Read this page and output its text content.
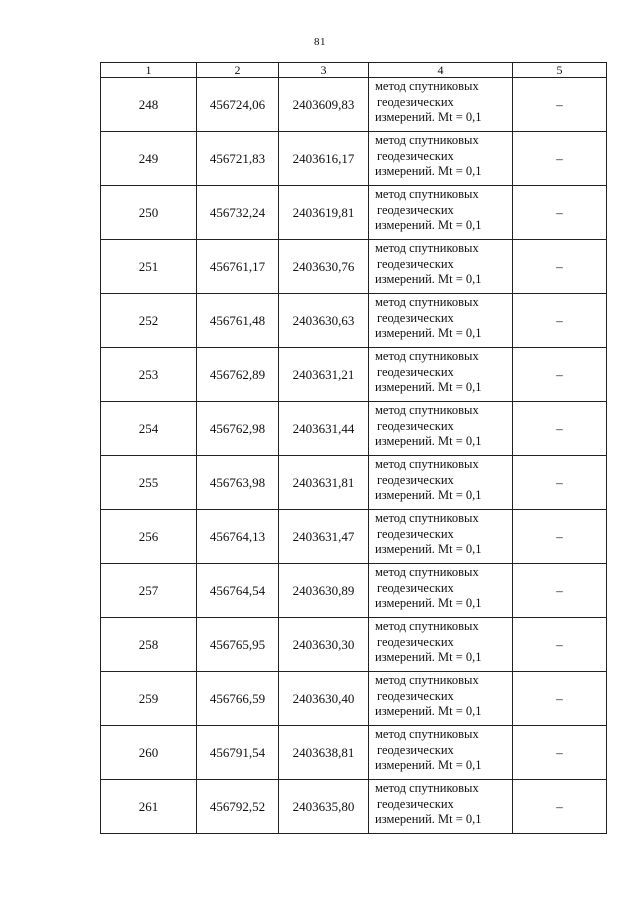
81
1	2	3	4	5
248	456724,06	2403609,83	метод спутниковых
геодезических
измерений. Mt = 0,1	–
249	456721,83	2403616,17	метод спутниковых
геодезических
измерений. Mt = 0,1	–
250	456732,24	2403619,81	метод спутниковых
геодезических
измерений. Mt = 0,1	–
251	456761,17	2403630,76	метод спутниковых
геодезических
измерений. Mt = 0,1	–
252	456761,48	2403630,63	метод спутниковых
геодезических
измерений. Mt = 0,1	–
253	456762,89	2403631,21	метод спутниковых
геодезических
измерений. Mt = 0,1	–
254	456762,98	2403631,44	метод спутниковых
геодезических
измерений. Mt = 0,1	–
255	456763,98	2403631,81	метод спутниковых
геодезических
измерений. Mt = 0,1	–
256	456764,13	2403631,47	метод спутниковых
геодезических
измерений. Mt = 0,1	–
257	456764,54	2403630,89	метод спутниковых
геодезических
измерений. Mt = 0,1	–
258	456765,95	2403630,30	метод спутниковых
геодезических
измерений. Mt = 0,1	–
259	456766,59	2403630,40	метод спутниковых
геодезических
измерений. Mt = 0,1	–
260	456791,54	2403638,81	метод спутниковых
геодезических
измерений. Mt = 0,1	–
261	456792,52	2403635,80	метод спутниковых
геодезических
измерений. Mt = 0,1	–
